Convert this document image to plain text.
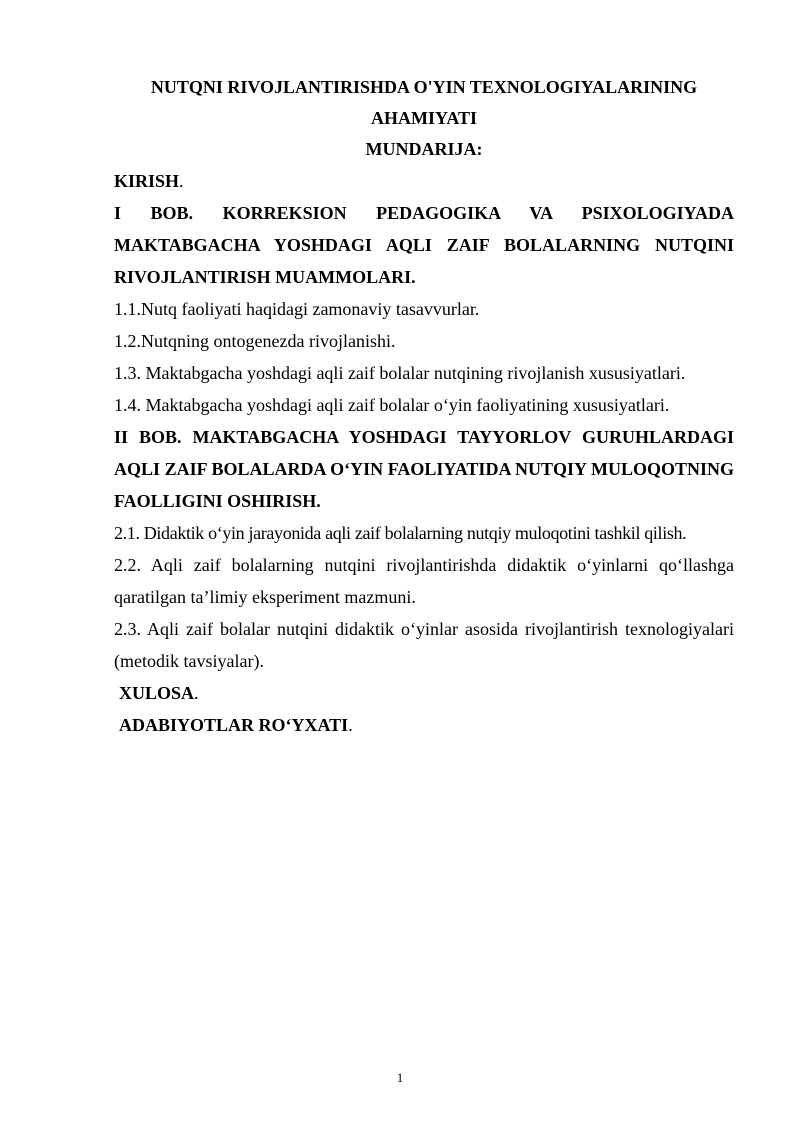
NUTQNI RIVOJLANTIRISHDA O'YIN TEXNOLOGIYALARINING AHAMIYATI

MUNDARIJA:

KIRISH.

I BOB. KORREKSION PEDAGOGIKA VA PSIXOLOGIYADA MAKTABGACHA YOSHDAGI AQLI ZAIF BOLALARNING NUTQINI RIVOJLANTIRISH MUAMMOLARI.

1.1.Nutq faoliyati haqidagi zamonaviy tasavvurlar.

1.2.Nutqning ontogenezda rivojlanishi.

1.3. Maktabgacha yoshdagi aqli zaif bolalar nutqining rivojlanish xususiyatlari.

1.4. Maktabgacha yoshdagi aqli zaif bolalar o‘yin faoliyatining xususiyatlari.

II BOB. MAKTABGACHA YOSHDAGI TAYYORLOV GURUHLARDAGI AQLI ZAIF BOLALARDA O‘YIN FAOLIYATIDA NUTQIY MULOQOTNING FAOLLIGINI OSHIRISH.

2.1. Didaktik o‘yin jarayonida aqli zaif bolalarning nutqiy muloqotini tashkil qilish.

2.2. Aqli zaif bolalarning nutqini rivojlantirishda didaktik o‘yinlarni qo‘llashga qaratilgan ta’limiy eksperiment mazmuni.

2.3. Aqli zaif bolalar nutqini didaktik o‘yinlar asosida rivojlantirish texnologiyalari (metodik tavsiyalar).

XULOSA.

ADABIYOTLAR RO‘YXATI.

1
